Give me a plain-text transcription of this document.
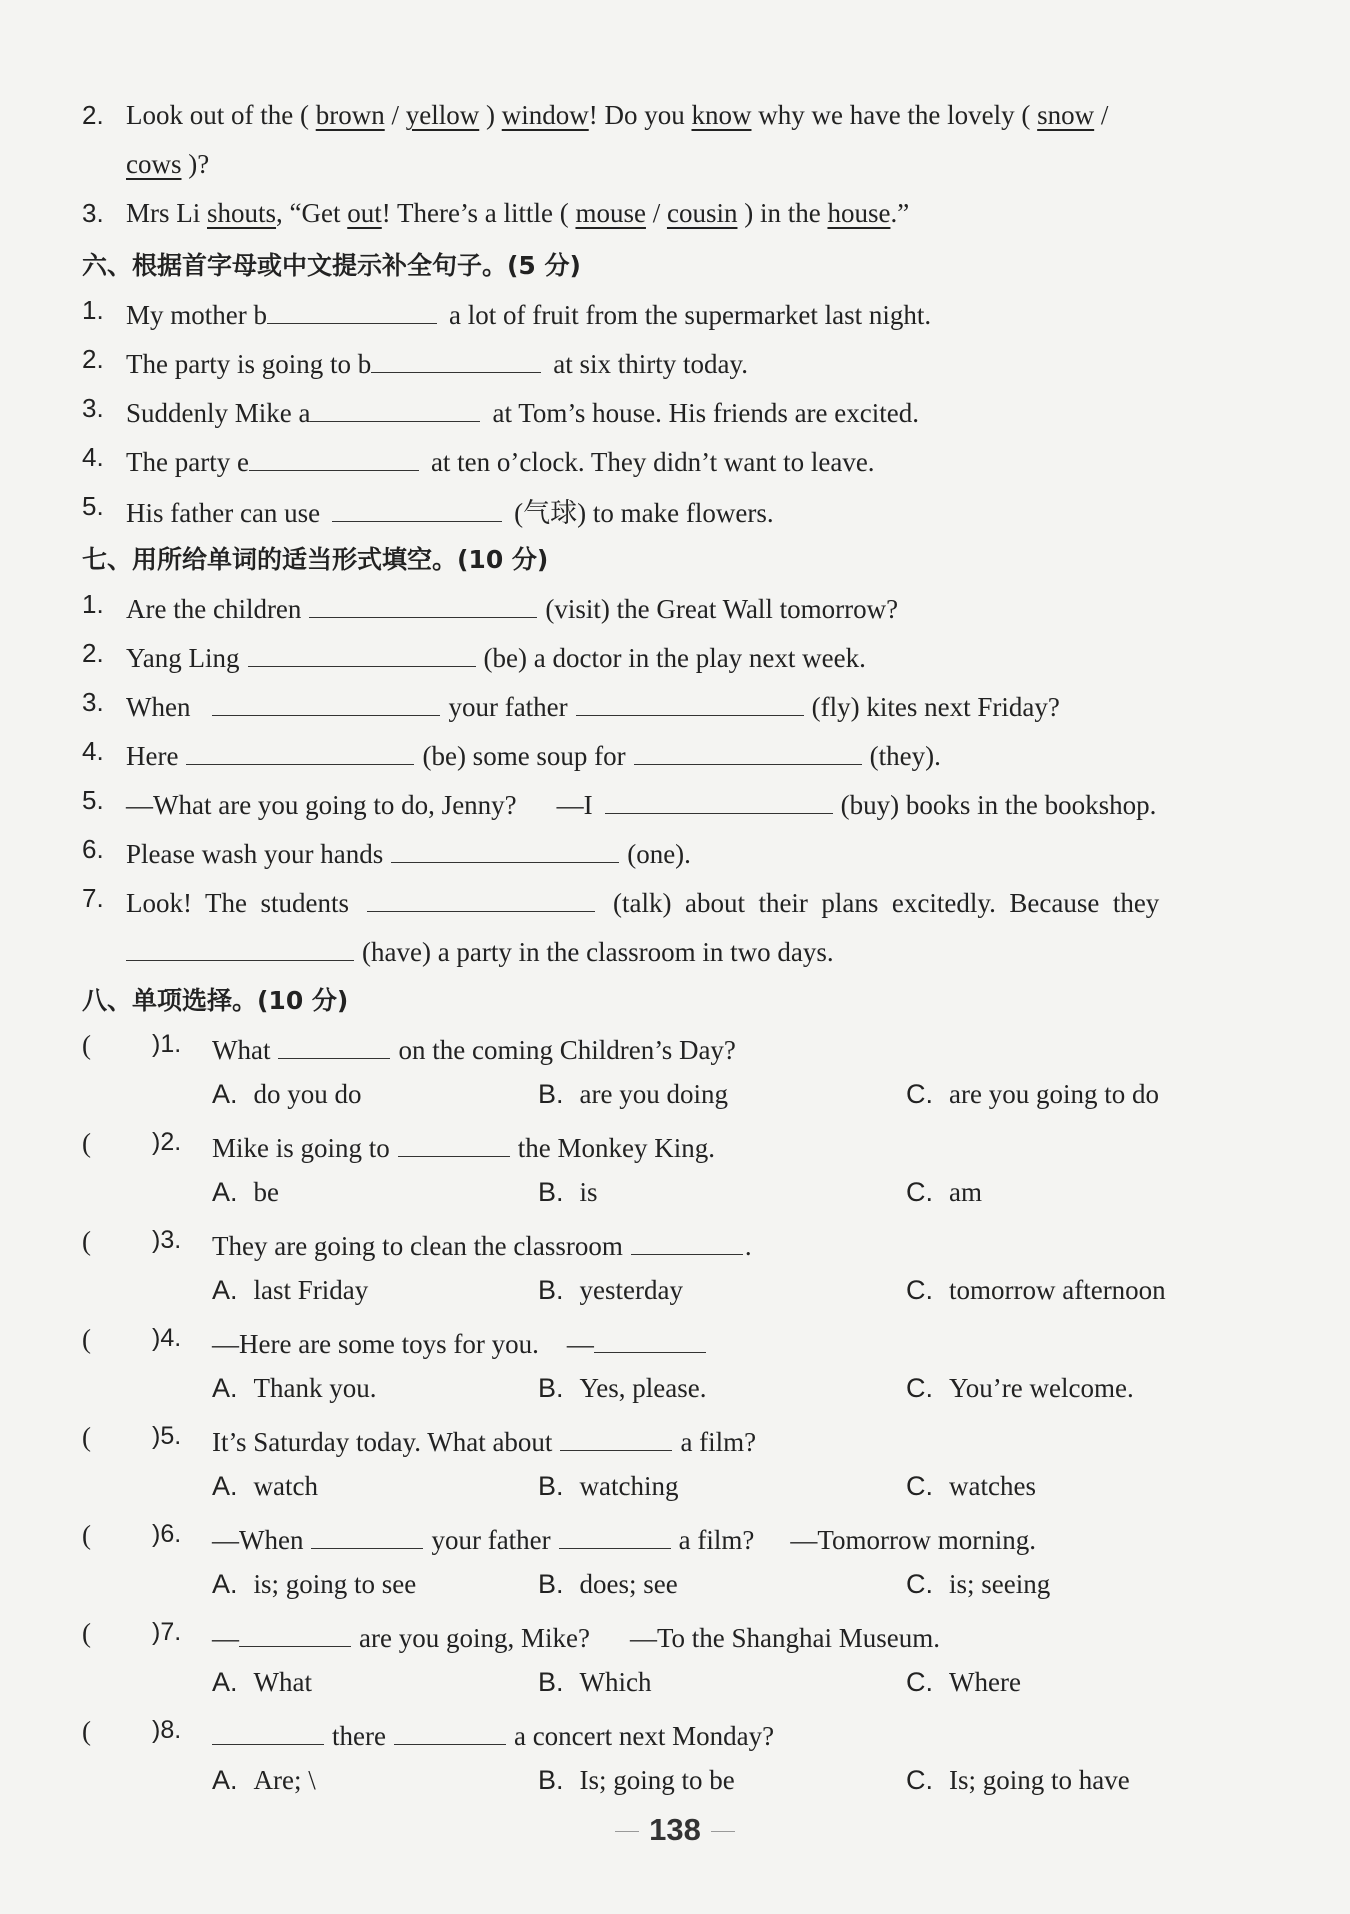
2. Look out of the ( brown / yellow ) window! Do you know why we have the lovely ( snow /
cows )?
3. Mrs Li shouts, “Get out! There’s a little ( mouse / cousin ) in the house.”
六、根据首字母或中文提示补全句子。(5 分)
1. My mother b	a lot of fruit from the supermarket last night.
2. The party is going to b	at six thirty today.
3. Suddenly Mike a	at Tom’s house. His friends are excited.
4. The party e	at ten o’clock. They didn’t want to leave.
5. His father can use	(气球) to make flowers.
七、用所给单词的适当形式填空。(10 分)
1. Are the children	(visit) the Great Wall tomorrow?
2. Yang Ling	(be) a doctor in the play next week.
3. When	your father	(fly) kites next Friday?
4. Here	(be) some soup for	(they).
5. —What are you going to do, Jenny? —I	(buy) books in the bookshop.
6. Please wash your hands	(one).
7. Look!  The  students	(talk)  about  their  plans  excitedly.  Because  they
(have) a party in the classroom in two days.
八、单项选择。(10 分)
( )1. What	on the coming Children’s Day?
A. do you do	B. are you doing	C. are you going to do
( )2. Mike is going to	the Monkey King.
A. be	B. is	C. am
( )3. They are going to clean the classroom	.
A. last Friday	B. yesterday	C. tomorrow afternoon
( )4. —Here are some toys for you. —
A. Thank you.	B. Yes, please.	C. You’re welcome.
( )5. It’s Saturday today. What about	a film?
A. watch	B. watching	C. watches
( )6. —When	your father	a film? —Tomorrow morning.
A. is; going to see	B. does; see	C. is; seeing
( )7. —	are you going, Mike? —To the Shanghai Museum.
A. What	B. Which	C. Where
( )8.	there	a concert next Monday?
A. Are; \	B. Is; going to be	C. Is; going to have
138
